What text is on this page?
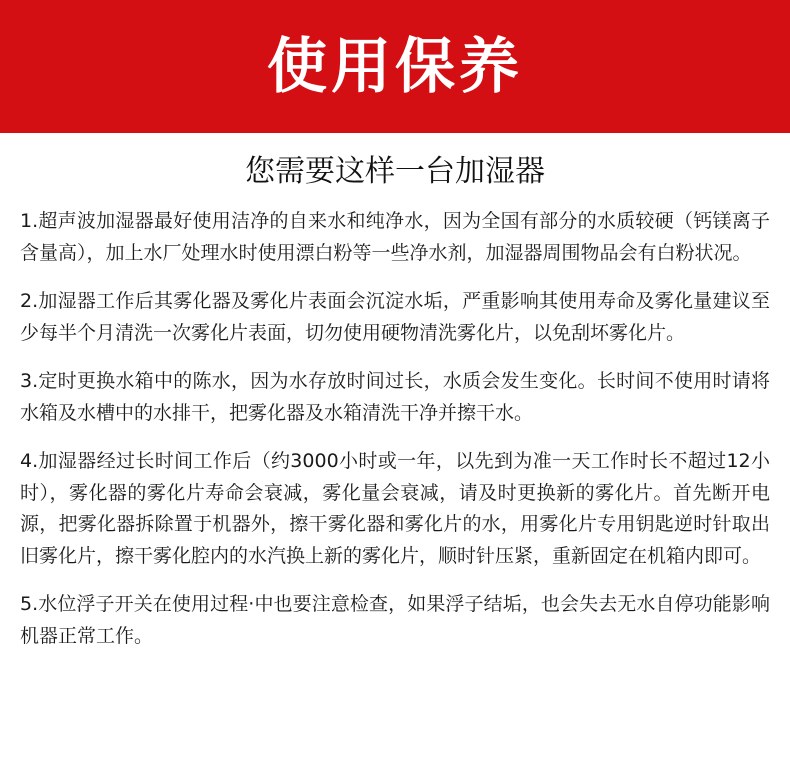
使用保养
您需要这样一台加湿器

1.超声波加湿器最好使用洁净的自来水和纯净水，因为全国有部分的水质较硬（钙镁离子含量高），加上水厂处理水时使用漂白粉等一些净水剂，加湿器周围物品会有白粉状况。

2.加湿器工作后其雾化器及雾化片表面会沉淀水垢，严重影响其使用寿命及雾化量建议至少每半个月清洗一次雾化片表面，切勿使用硬物清洗雾化片，以免刮坏雾化片。

3.定时更换水箱中的陈水，因为水存放时间过长，水质会发生变化。长时间不使用时请将水箱及水槽中的水排干，把雾化器及水箱清洗干净并擦干水。

4.加湿器经过长时间工作后（约3000小时或一年，以先到为准一天工作时长不超过12小时），雾化器的雾化片寿命会衰减，雾化量会衰减，请及时更换新的雾化片。首先断开电源，把雾化器拆除置于机器外，擦干雾化器和雾化片的水，用雾化片专用钥匙逆时针取出旧雾化片，擦干雾化腔内的水汽换上新的雾化片，顺时针压紧，重新固定在机箱内即可。

5.水位浮子开关在使用过程·中也要注意检查，如果浮子结垢，也会失去无水自停功能影响机器正常工作。
